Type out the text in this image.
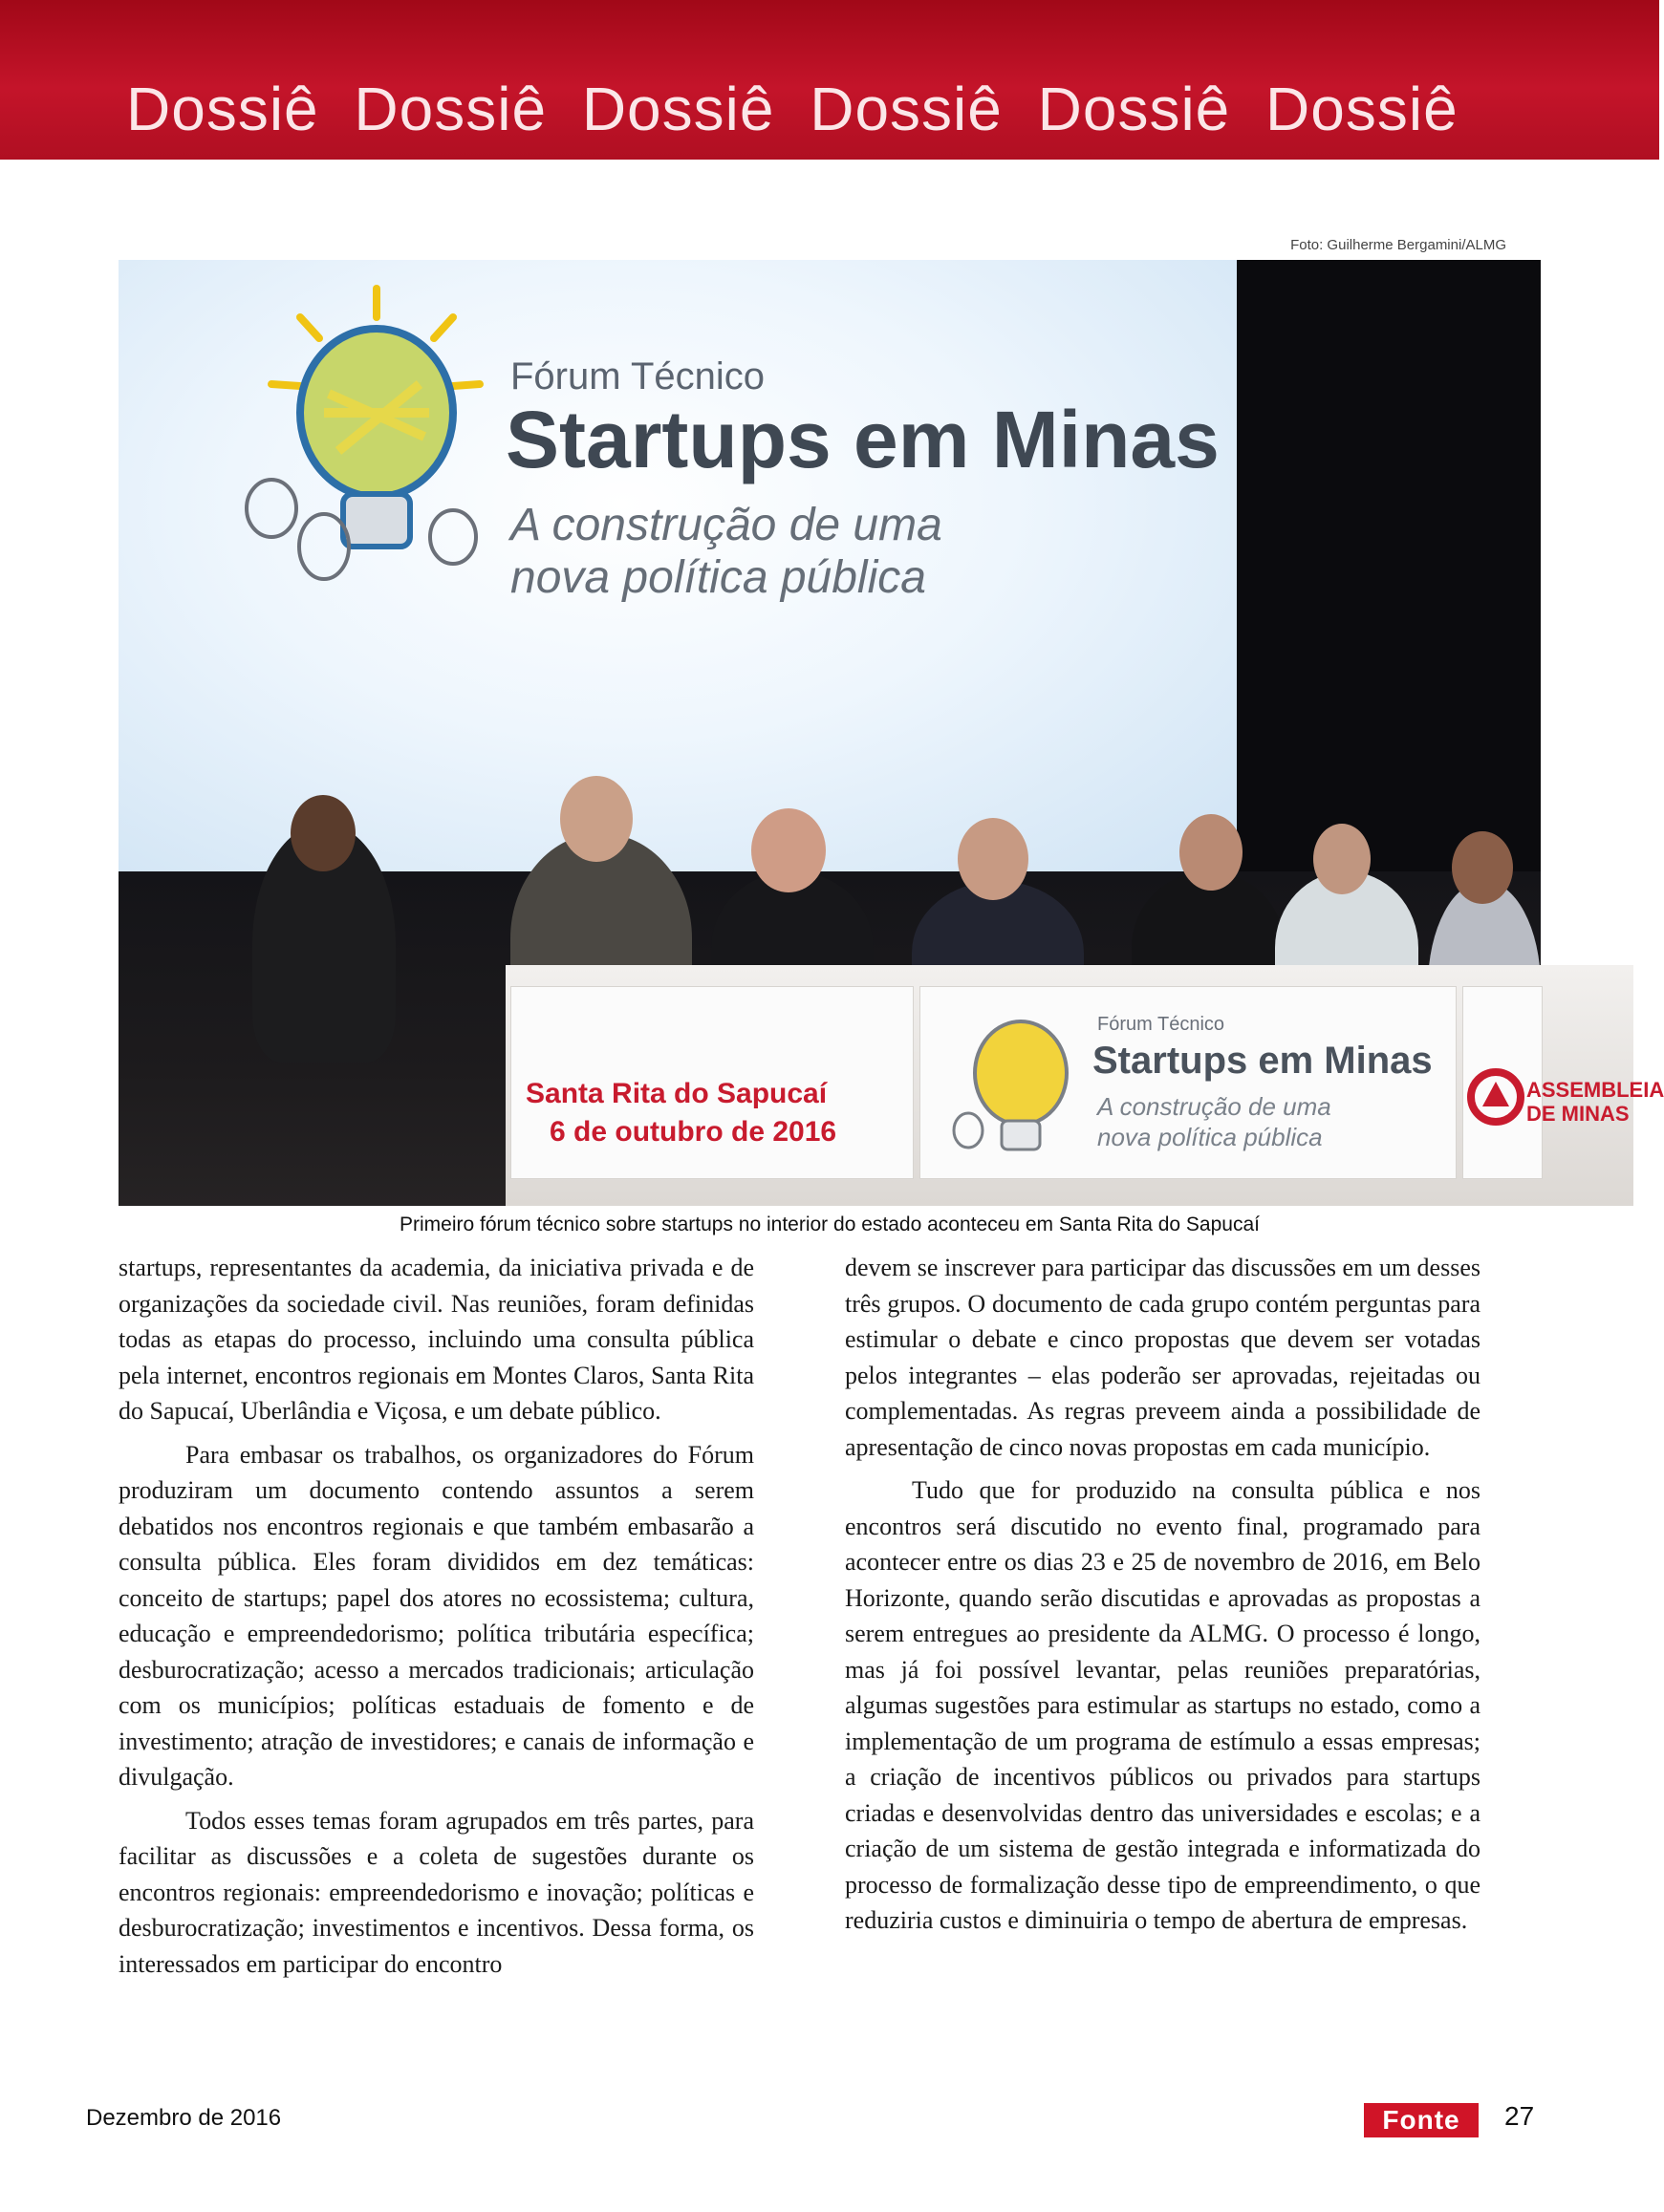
Dossiê Dossiê Dossiê Dossiê Dossiê Dossiê
Foto: Guilherme Bergamini/ALMG
Fórum Técnico
Startups em Minas
A construção de uma
nova política pública
Santa Rita do Sapucaí
6 de outubro de 2016
Fórum Técnico
Startups em Minas
A construção de uma
nova política pública
ASSEMBLEIA
DE MINAS
Primeiro fórum técnico sobre startups no interior do estado aconteceu em Santa Rita do Sapucaí

startups, representantes da academia, da iniciativa privada e de organizações da sociedade civil. Nas reuniões, foram definidas todas as etapas do processo, incluindo uma consulta pública pela internet, encontros regionais em Montes Claros, Santa Rita do Sapucaí, Uberlândia e Viçosa, e um debate público.

Para embasar os trabalhos, os organizadores do Fórum produziram um documento contendo assuntos a serem debatidos nos encontros regionais e que também embasarão a consulta pública. Eles foram divididos em dez temáticas: conceito de startups; papel dos atores no ecossistema; cultura, educação e empreendedorismo; política tributária específica; desburocratização; acesso a mercados tradicionais; articulação com os municípios; políticas estaduais de fomento e de investimento; atração de investidores; e canais de informação e divulgação.

Todos esses temas foram agrupados em três partes, para facilitar as discussões e a coleta de sugestões durante os encontros regionais: empreendedorismo e inovação; políticas e desburocratização; investimentos e incentivos. Dessa forma, os interessados em participar do encontro

devem se inscrever para participar das discussões em um desses três grupos. O documento de cada grupo contém perguntas para estimular o debate e cinco propostas que devem ser votadas pelos integrantes – elas poderão ser aprovadas, rejeitadas ou complementadas. As regras preveem ainda a possibilidade de apresentação de cinco novas propostas em cada município.

Tudo que for produzido na consulta pública e nos encontros será discutido no evento final, programado para acontecer entre os dias 23 e 25 de novembro de 2016, em Belo Horizonte, quando serão discutidas e aprovadas as propostas a serem entregues ao presidente da ALMG. O processo é longo, mas já foi possível levantar, pelas reuniões preparatórias, algumas sugestões para estimular as startups no estado, como a implementação de um programa de estímulo a essas empresas; a criação de incentivos públicos ou privados para startups criadas e desenvolvidas dentro das universidades e escolas; e a criação de um sistema de gestão integrada e informatizada do processo de formalização desse tipo de empreendimento, o que reduziria custos e diminuiria o tempo de abertura de empresas.

Dezembro de 2016	Fonte	27
